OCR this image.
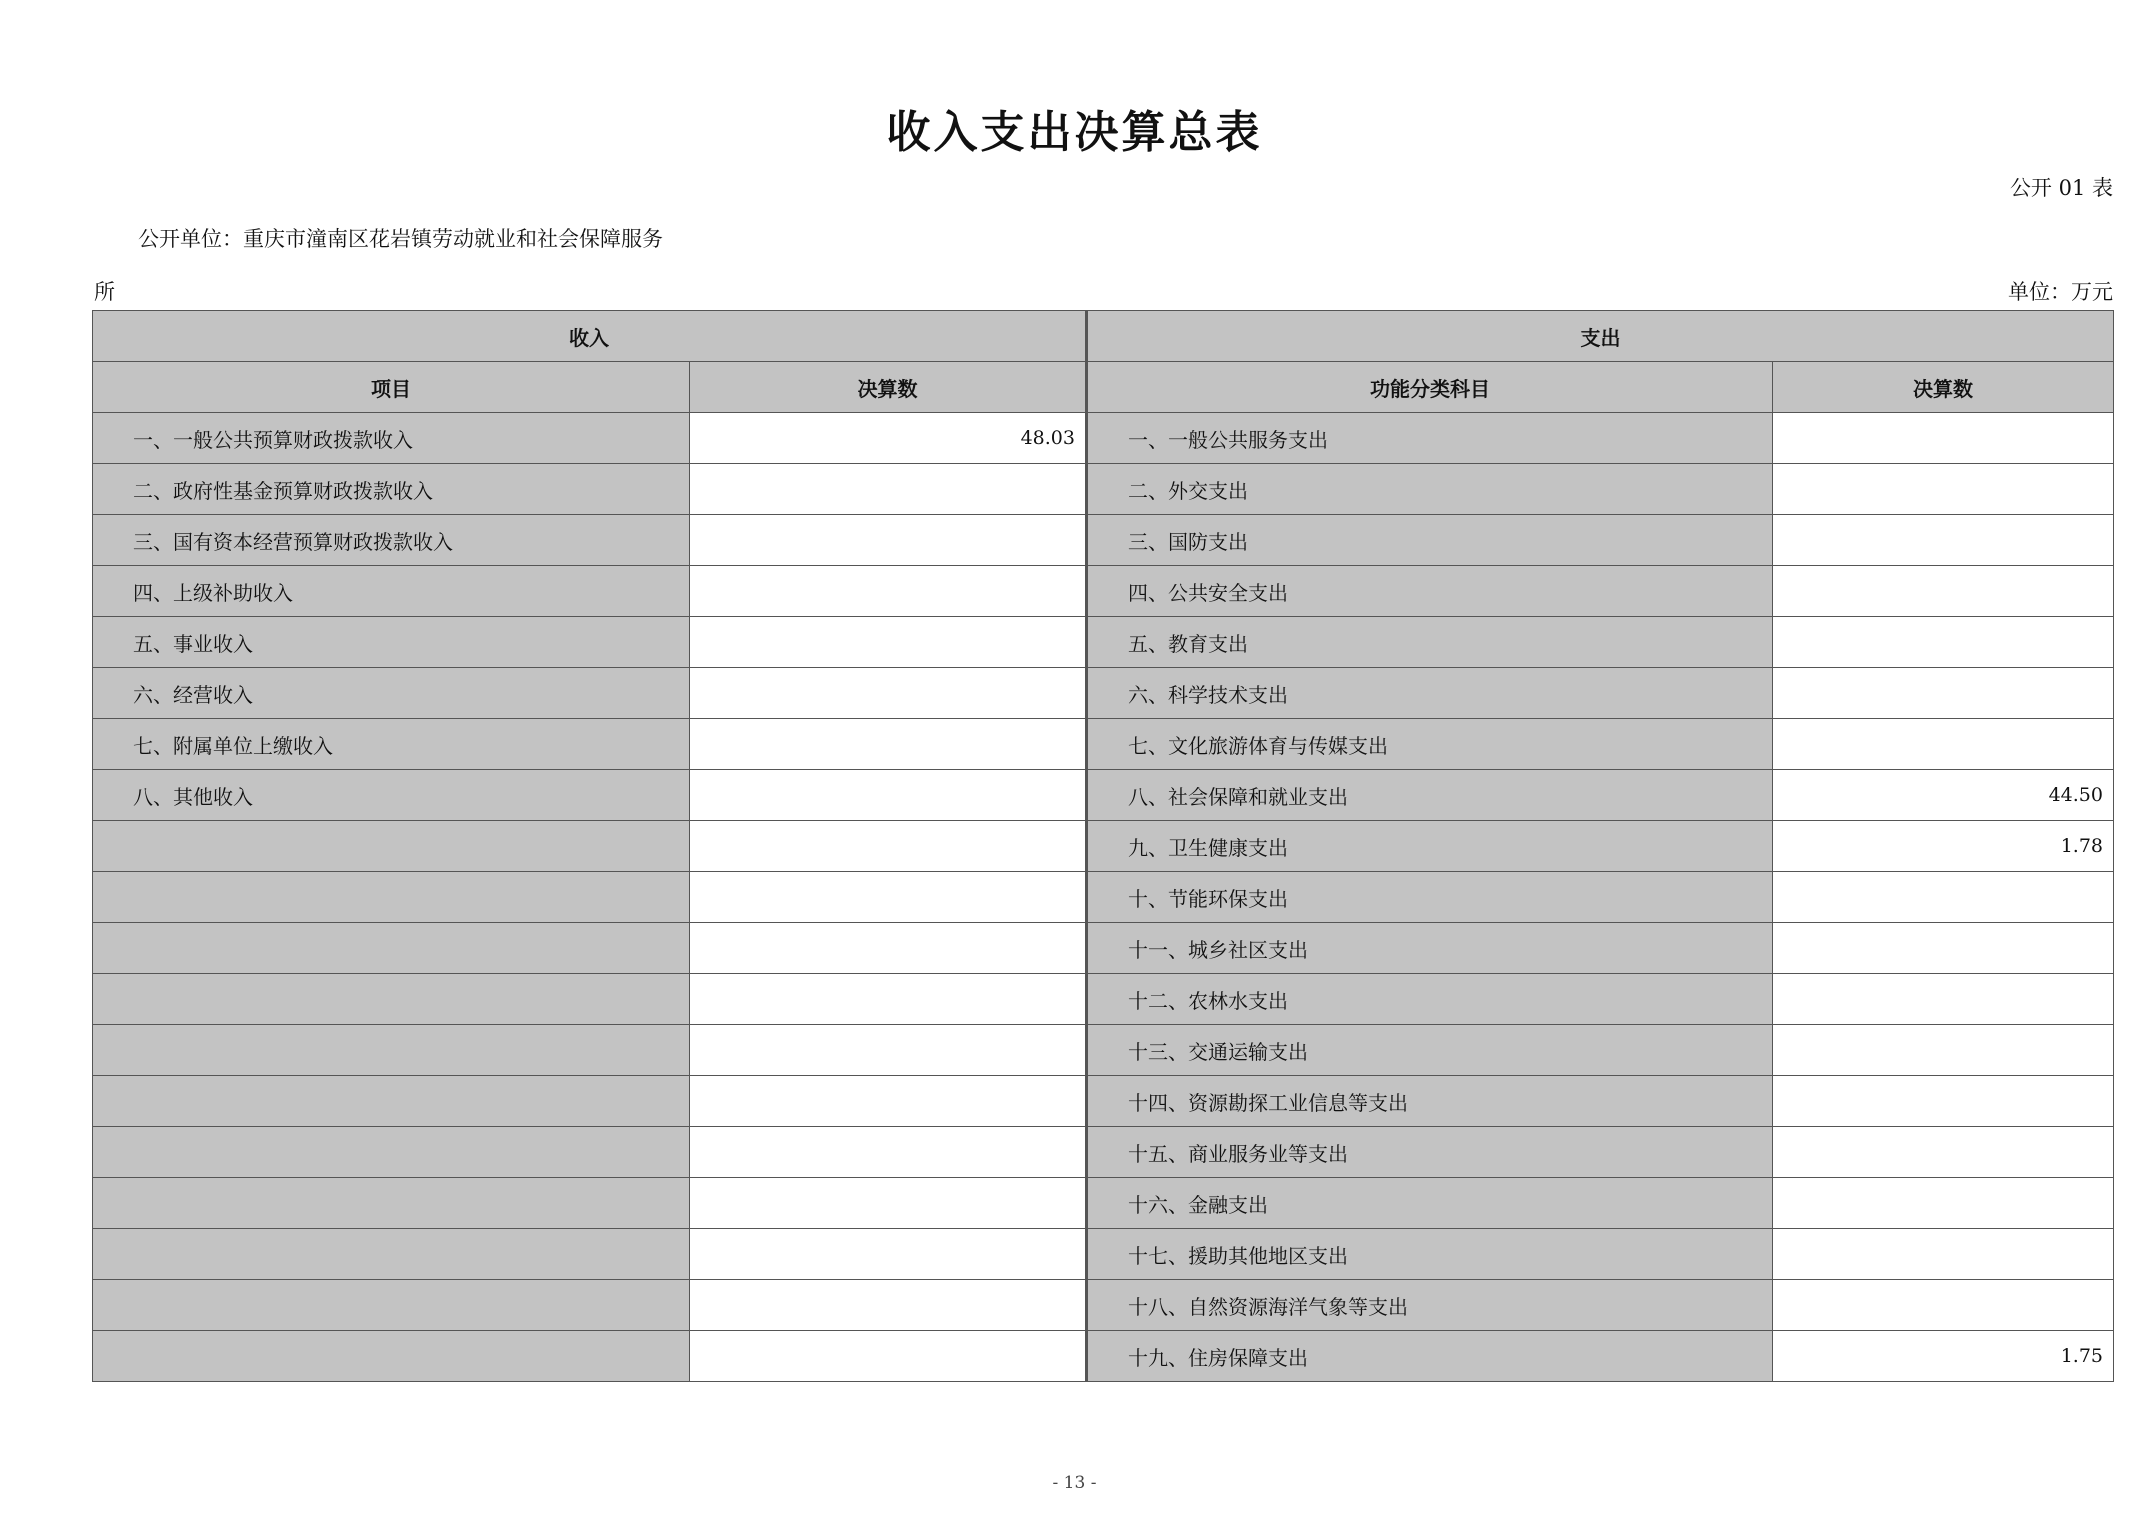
收入支出决算总表
公开 01 表
公开单位：重庆市潼南区花岩镇劳动就业和社会保障服务
所	单位：万元
收入		支出	
项目	决算数	功能分类科目	决算数
一、一般公共预算财政拨款收入	48.03	一、一般公共服务支出	
二、政府性基金预算财政拨款收入		二、外交支出	
三、国有资本经营预算财政拨款收入		三、国防支出	
四、上级补助收入		四、公共安全支出	
五、事业收入		五、教育支出	
六、经营收入		六、科学技术支出	
七、附属单位上缴收入		七、文化旅游体育与传媒支出	
八、其他收入		八、社会保障和就业支出	44.50
		九、卫生健康支出	1.78
		十、节能环保支出	
		十一、城乡社区支出	
		十二、农林水支出	
		十三、交通运输支出	
		十四、资源勘探工业信息等支出	
		十五、商业服务业等支出	
		十六、金融支出	
		十七、援助其他地区支出	
		十八、自然资源海洋气象等支出	
		十九、住房保障支出	1.75
- 13 -
